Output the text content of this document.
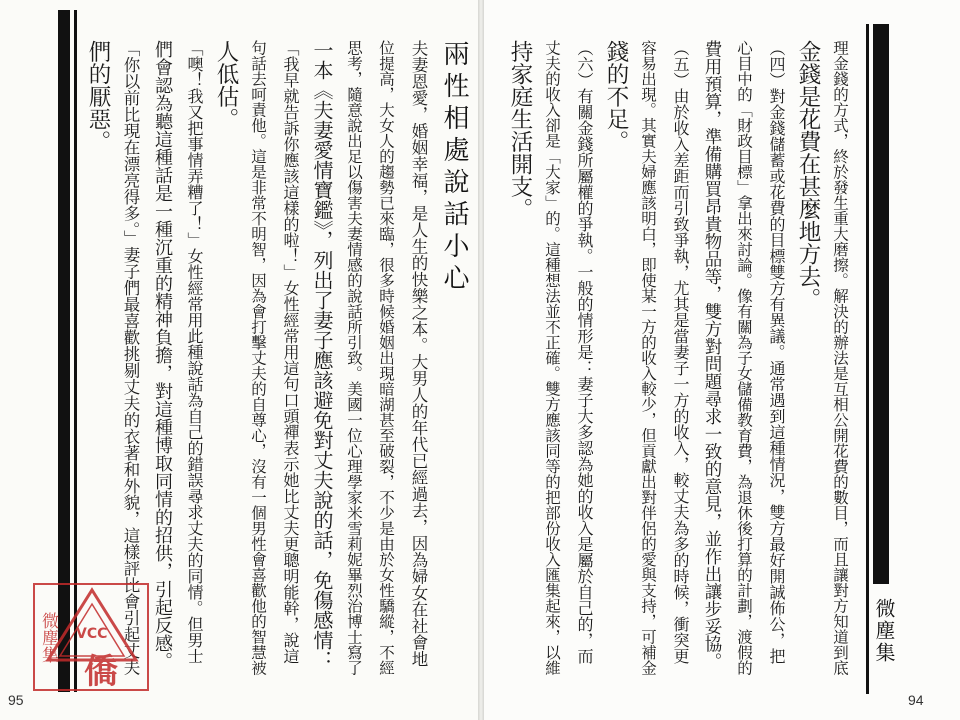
們的厭惡。 「你以前比現在漂亮得多。」妻子們最喜歡挑剔丈夫的衣著和外貌，這樣評比會引起丈夫 們會認為聽這種話是一種沉重的精神負擔，對這種博取同情的招供，引起反感。 「噢！我又把事情弄糟了！」女性經常用此種說話為自己的錯誤尋求丈夫的同情。但男士 人低估。 句話去呵責他。這是非常不明智，因為會打擊丈夫的自尊心，沒有一個男性會喜歡他的智慧被 「我早就告訴你應該這樣的啦！」女性經常用這句口頭禪表示她比丈夫更聰明能幹，說這 一本《夫妻愛情寶鑑》，列出了妻子應該避免對丈夫說的話，免傷感情： 思考，隨意說出足以傷害夫妻情感的說話所引致。美國一位心理學家米雪莉妮畢烈治博士寫了 位提高，大女人的趨勢已來臨，很多時候婚姻出現暗湖甚至破裂，不少是由於女性驕縱，不經 夫妻恩愛，婚姻幸福，是人生的快樂之本。大男人的年代已經過去，因為婦女在社會地 兩性相處說話小心
95
微塵集
VCC
僑
持家庭生活開支。 丈夫的收入卻是「大家」的。這種想法並不正確。雙方應該同等的把部份收入匯集起來，以維 （六）有關金錢所屬權的爭執。一般的情形是：妻子大多認為她的收入是屬於自己的，而 錢的不足。 容易出現。其實夫婦應該明白，即使某一方的收入較少，但貢獻出對伴侶的愛與支持，可補金 （五）由於收入差距而引致爭執，尤其是當妻子一方的收入，較丈夫為多的時候，衝突更 費用預算，準備購買昂貴物品等，雙方對問題尋求一致的意見，並作出讓步妥協。 心目中的「財政目標」拿出來討論。像有關為子女儲備教育費，為退休後打算的計劃，渡假的 （四）對金錢儲蓄或花費的目標雙方有異議。通常遇到這種情況，雙方最好開誠佈公，把 金錢是花費在甚麼地方去。 理金錢的方式，終於發生重大磨擦。解決的辦法是互相公開花費的數目，而且讓對方知道到底	微塵集
94
